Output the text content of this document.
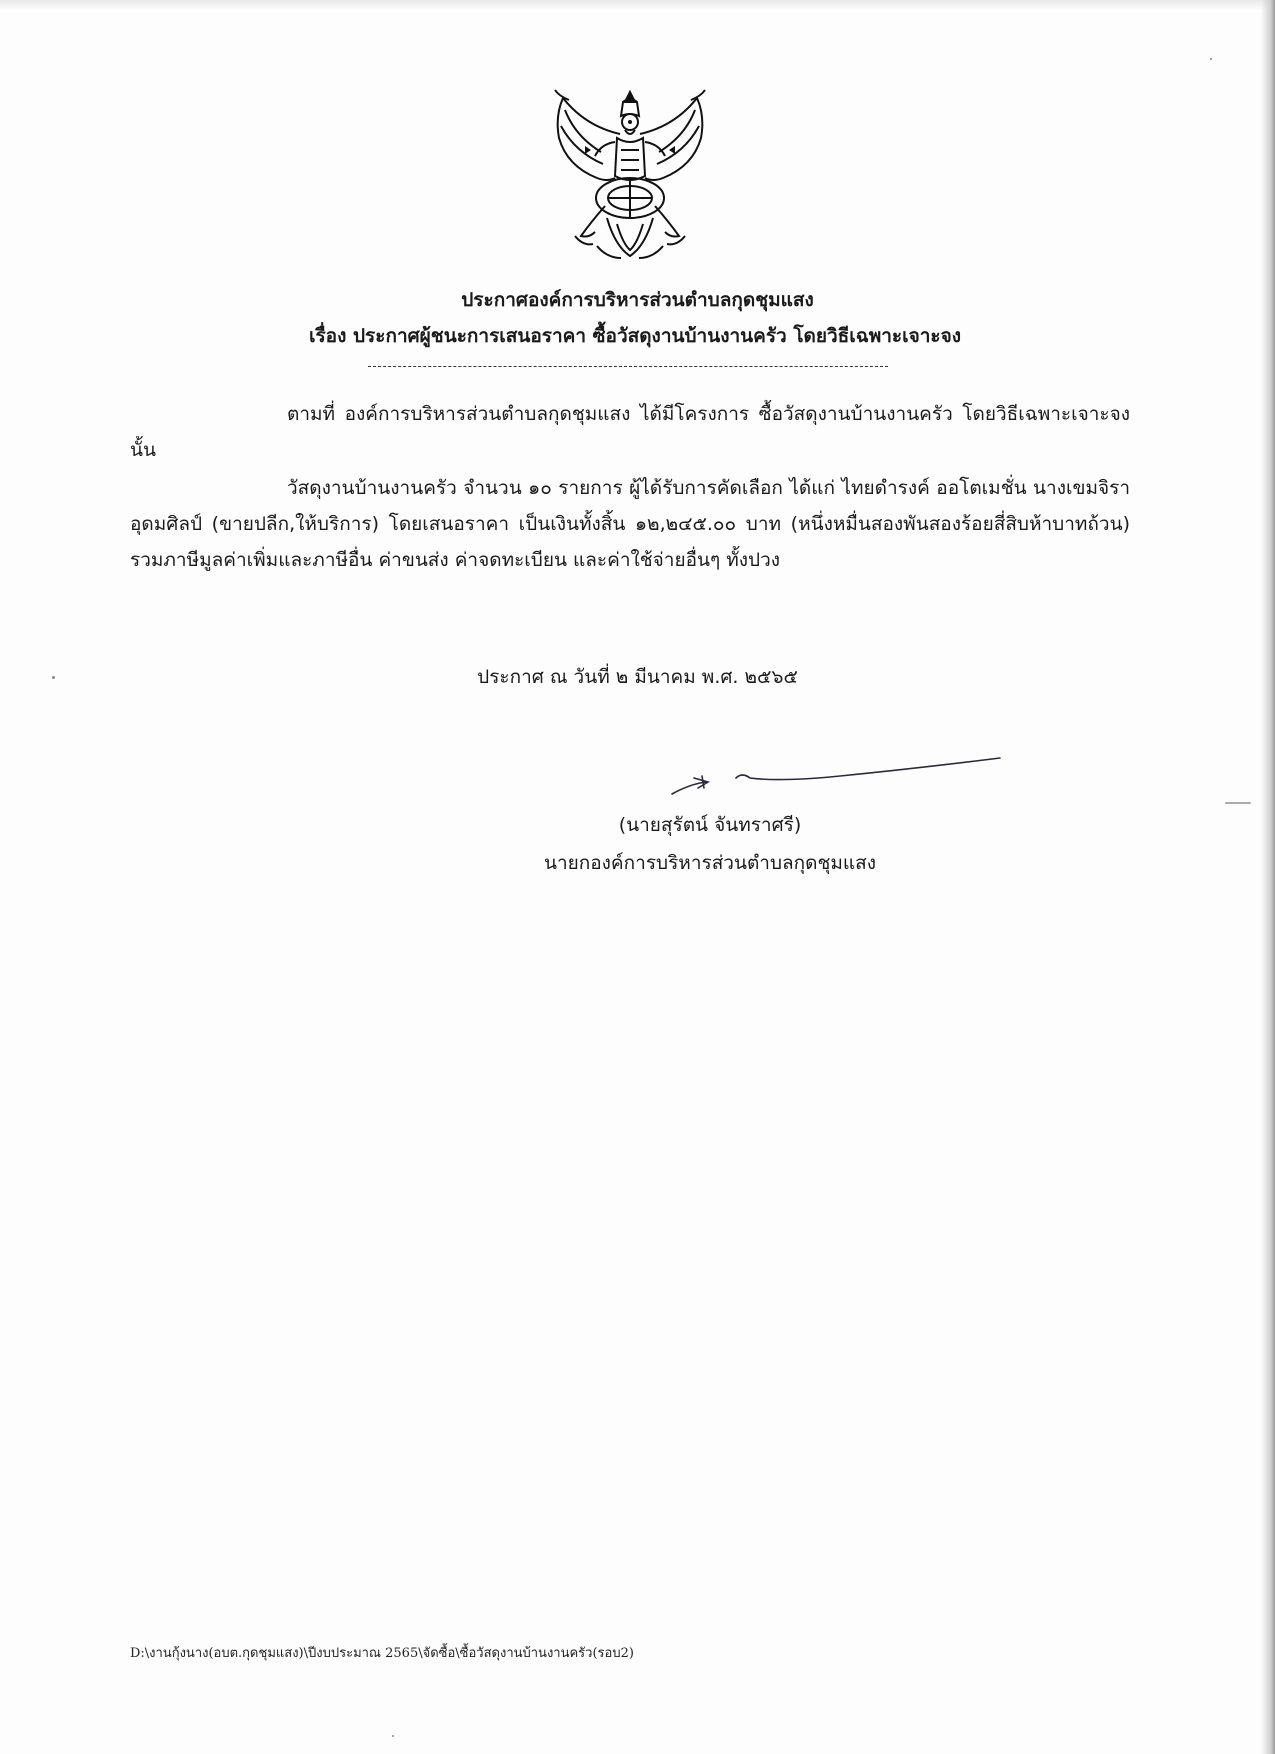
ประกาศองค์การบริหารส่วนตำบลกุดชุมแสง
เรื่อง ประกาศผู้ชนะการเสนอราคา ซื้อวัสดุงานบ้านงานครัว โดยวิธีเฉพาะเจาะจง
ตามที่ องค์การบริหารส่วนตำบลกุดชุมแสง ได้มีโครงการ ซื้อวัสดุงานบ้านงานครัว โดยวิธีเฉพาะเจาะจง นั้น
วัสดุงานบ้านงานครัว จำนวน ๑๐ รายการ ผู้ได้รับการคัดเลือก ได้แก่ ไทยดำรงค์ ออโตเมชั่น นางเขมจิรา อุดมศิลป์ (ขายปลีก,ให้บริการ) โดยเสนอราคา เป็นเงินทั้งสิ้น ๑๒,๒๔๕.๐๐ บาท (หนึ่งหมื่นสองพันสองร้อยสี่สิบห้าบาทถ้วน) รวมภาษีมูลค่าเพิ่มและภาษีอื่น ค่าขนส่ง ค่าจดทะเบียน และค่าใช้จ่ายอื่นๆ ทั้งปวง
ประกาศ ณ วันที่ ๒ มีนาคม พ.ศ. ๒๕๖๕
(นายสุรัตน์ จันทราศรี)
นายกองค์การบริหารส่วนตำบลกุดชุมแสง
D:\งานกุ้งนาง(อบต.กุดชุมแสง)\ปีงบประมาณ 2565\จัดซื้อ\ซื้อวัสดุงานบ้านงานครัว(รอบ2)
